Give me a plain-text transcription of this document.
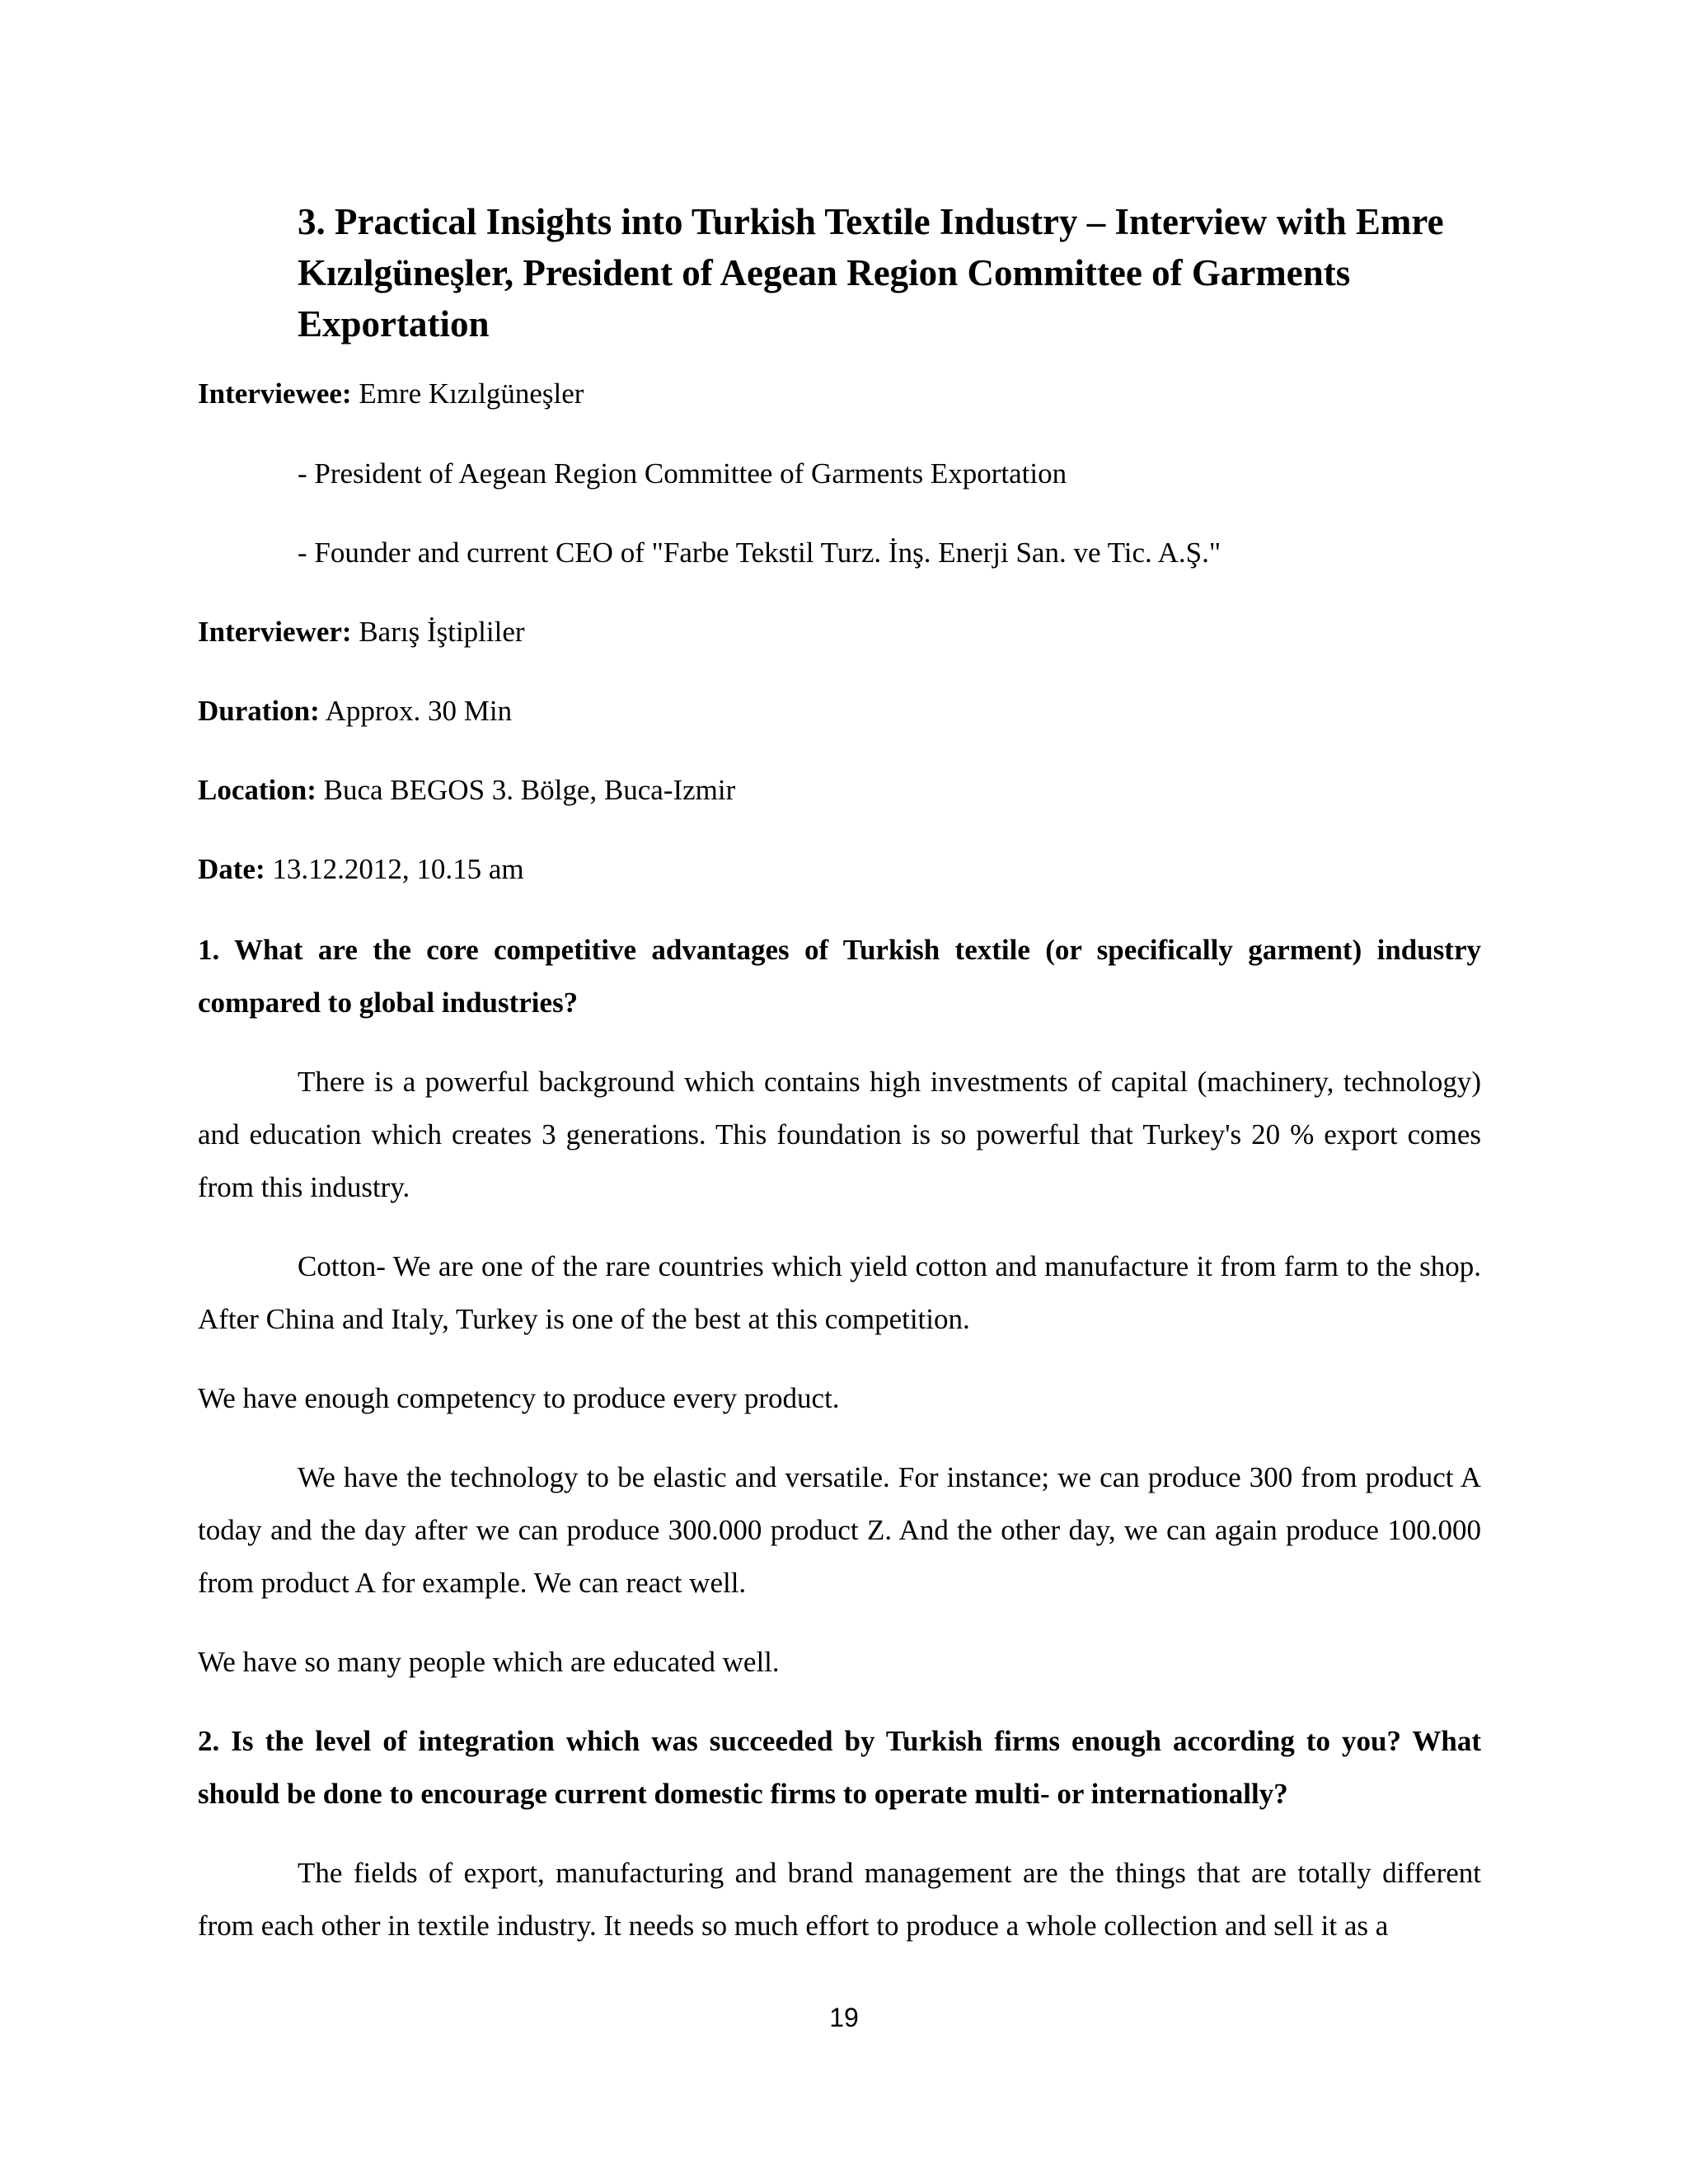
3. Practical Insights into Turkish Textile Industry – Interview with Emre Kızılgüneşler, President of Aegean Region Committee of Garments Exportation

Interviewee: Emre Kızılgüneşler

- President of Aegean Region Committee of Garments Exportation

- Founder and current CEO of "Farbe Tekstil Turz. İnş. Enerji San. ve Tic. A.Ş."

Interviewer: Barış İştipliler

Duration: Approx. 30 Min

Location: Buca BEGOS 3. Bölge, Buca-Izmir

Date: 13.12.2012, 10.15 am

1. What are the core competitive advantages of Turkish textile (or specifically garment) industry compared to global industries?

There is a powerful background which contains high investments of capital (machinery, technology) and education which creates 3 generations. This foundation is so powerful that Turkey's 20 % export comes from this industry.

Cotton- We are one of the rare countries which yield cotton and manufacture it from farm to the shop. After China and Italy, Turkey is one of the best at this competition.

We have enough competency to produce every product.

We have the technology to be elastic and versatile. For instance; we can produce 300 from product A today and the day after we can produce 300.000 product Z. And the other day, we can again produce 100.000 from product A for example. We can react well.

We have so many people which are educated well.

2. Is the level of integration which was succeeded by Turkish firms enough according to you? What should be done to encourage current domestic firms to operate multi- or internationally?

The fields of export, manufacturing and brand management are the things that are totally different from each other in textile industry. It needs so much effort to produce a whole collection and sell it as a

19
